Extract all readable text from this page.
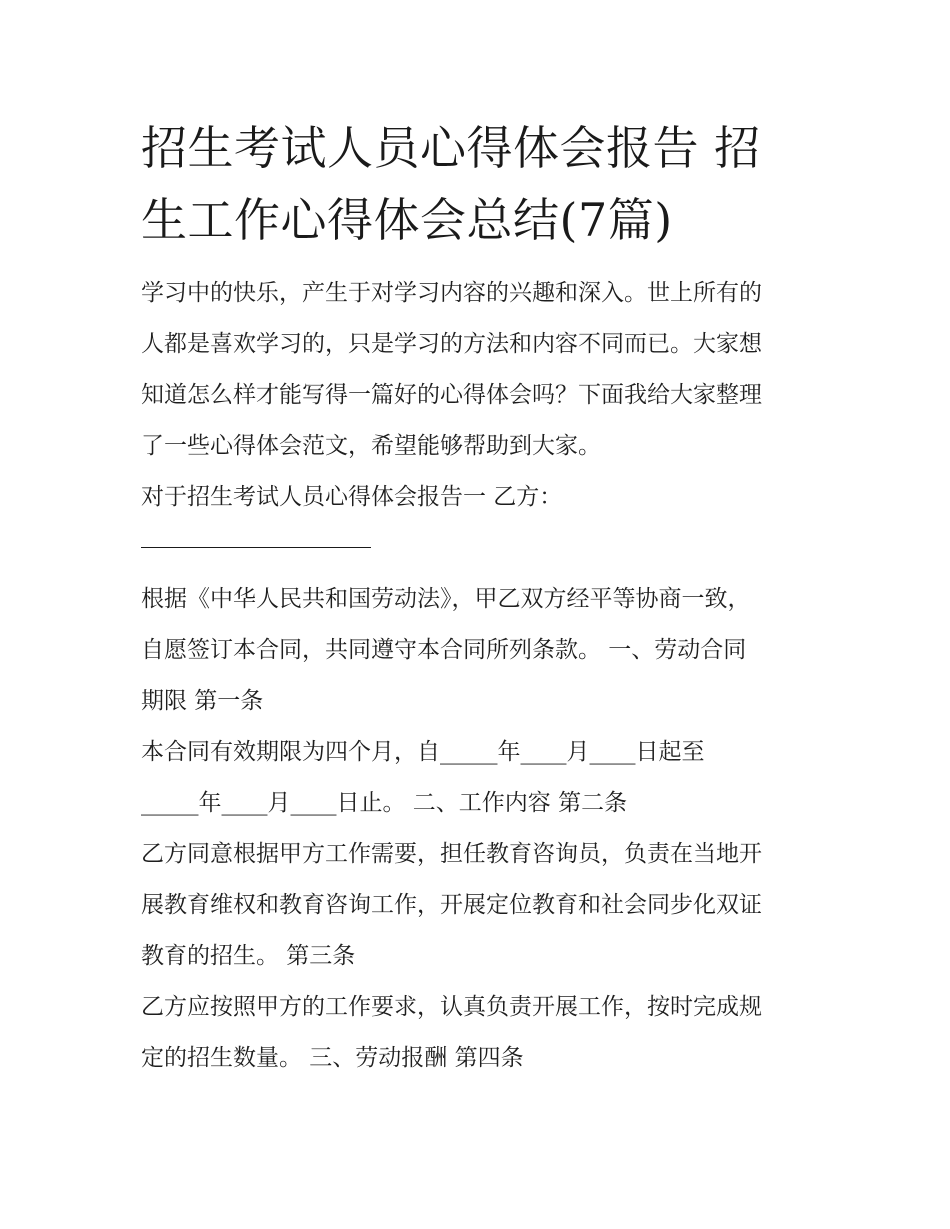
招生考试人员心得体会报告 招
生工作心得体会总结(7篇)
学习中的快乐，产生于对学习内容的兴趣和深入。世上所有的
人都是喜欢学习的，只是学习的方法和内容不同而已。大家想
知道怎么样才能写得一篇好的心得体会吗？下面我给大家整理
了一些心得体会范文，希望能够帮助到大家。
对于招生考试人员心得体会报告一 乙方：
根据《中华人民共和国劳动法》，甲乙双方经平等协商一致，
自愿签订本合同，共同遵守本合同所列条款。 一、劳动合同
期限 第一条
本合同有效期限为四个月，自_____年____月____日起至
_____年____月____日止。 二、工作内容 第二条
乙方同意根据甲方工作需要，担任教育咨询员，负责在当地开
展教育维权和教育咨询工作，开展定位教育和社会同步化双证
教育的招生。 第三条
乙方应按照甲方的工作要求，认真负责开展工作，按时完成规
定的招生数量。 三、劳动报酬 第四条
